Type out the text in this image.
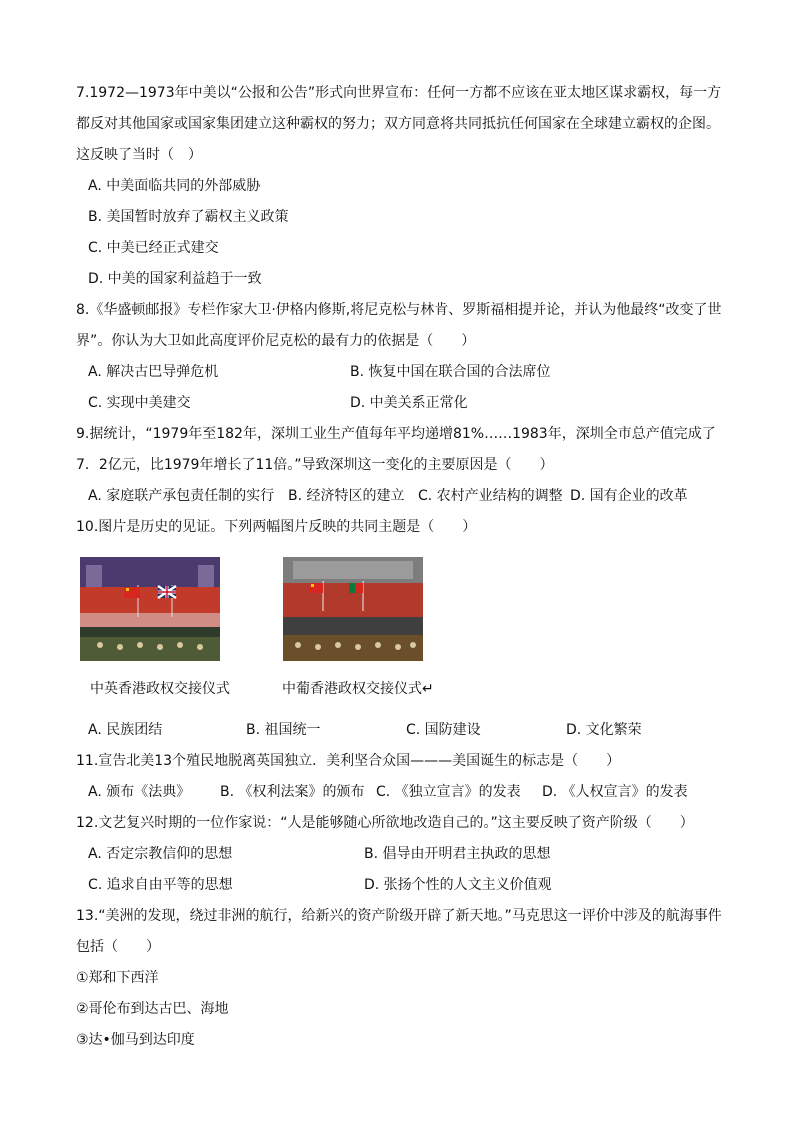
7.1972—1973年中美以“公报和公告”形式向世界宣布：任何一方都不应该在亚太地区谋求霸权，每一方都反对其他国家或国家集团建立这种霸权的努力；双方同意将共同抵抗任何国家在全球建立霸权的企图。这反映了当时（　）
A. 中美面临共同的外部威胁
B. 美国暂时放弃了霸权主义政策
C. 中美已经正式建交
D. 中美的国家利益趋于一致
8.《华盛顿邮报》专栏作家大卫·伊格内修斯,将尼克松与林肯、罗斯福相提并论，并认为他最终“改变了世界”。你认为大卫如此高度评价尼克松的最有力的依据是（　　）
A. 解决古巴导弹危机	B. 恢复中国在联合国的合法席位
C. 实现中美建交	D. 中美关系正常化
9.据统计，“1979年至182年，深圳工业生产值每年平均递增81%……1983年，深圳全市总产值完成了7．2亿元，比1979年增长了11倍。”导致深圳这一变化的主要原因是（　　）
A. 家庭联产承包责任制的实行 B. 经济特区的建立 C. 农村产业结构的调整 D. 国有企业的改革
10.图片是历史的见证。下列两幅图片反映的共同主题是（　　）
中英香港政权交接仪式	中葡香港政权交接仪式↵
A. 民族团结	B. 祖国统一	C. 国防建设	D. 文化繁荣
11.宣告北美13个殖民地脱离英国独立．美利坚合众国———美国诞生的标志是（　　）
A. 颁布《法典》	B. 《权利法案》的颁布 C. 《独立宣言》的发表	D. 《人权宣言》的发表
12.文艺复兴时期的一位作家说：“人是能够随心所欲地改造自己的。”这主要反映了资产阶级（　　）
A. 否定宗教信仰的思想	B. 倡导由开明君主执政的思想
C. 追求自由平等的思想	D. 张扬个性的人文主义价值观
13.“美洲的发现，绕过非洲的航行，给新兴的资产阶级开辟了新天地。”马克思这一评价中涉及的航海事件包括（　　）
①郑和下西洋
②哥伦布到达古巴、海地
③达•伽马到达印度
